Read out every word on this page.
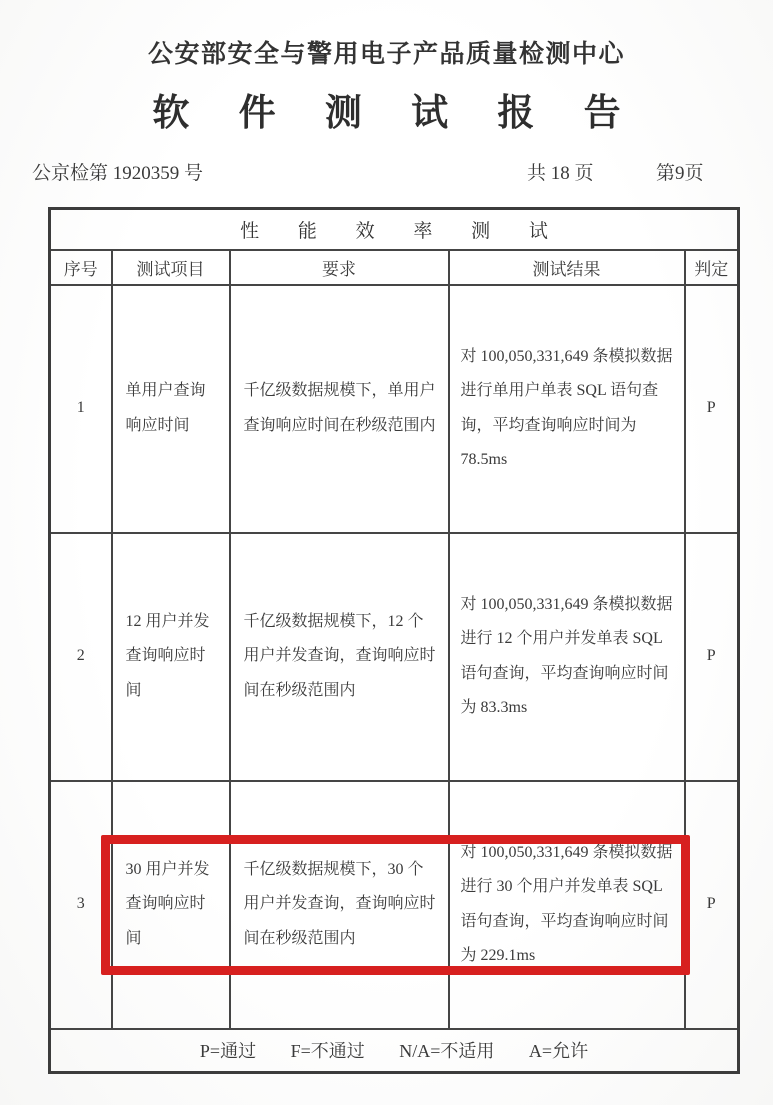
公安部安全与警用电子产品质量检测中心
软 件 测 试 报 告
公京检第 1920359 号	共 18 页	第9页
性 能 效 率 测 试				
序号	测试项目	要求	测试结果	判定
1	单用户查询响应时间	千亿级数据规模下，单用户查询响应时间在秒级范围内	对 100,050,331,649 条模拟数据进行单用户单表 SQL 语句查询，平均查询响应时间为 78.5ms	P
2	12 用户并发查询响应时间	千亿级数据规模下，12 个用户并发查询，查询响应时间在秒级范围内	对 100,050,331,649 条模拟数据进行 12 个用户并发单表 SQL 语句查询，平均查询响应时间为 83.3ms	P
3	30 用户并发查询响应时间	千亿级数据规模下，30 个用户并发查询，查询响应时间在秒级范围内	对 100,050,331,649 条模拟数据进行 30 个用户并发单表 SQL 语句查询，平均查询响应时间为 229.1ms	P
P=通过 F=不通过 N/A=不适用 A=允许				
